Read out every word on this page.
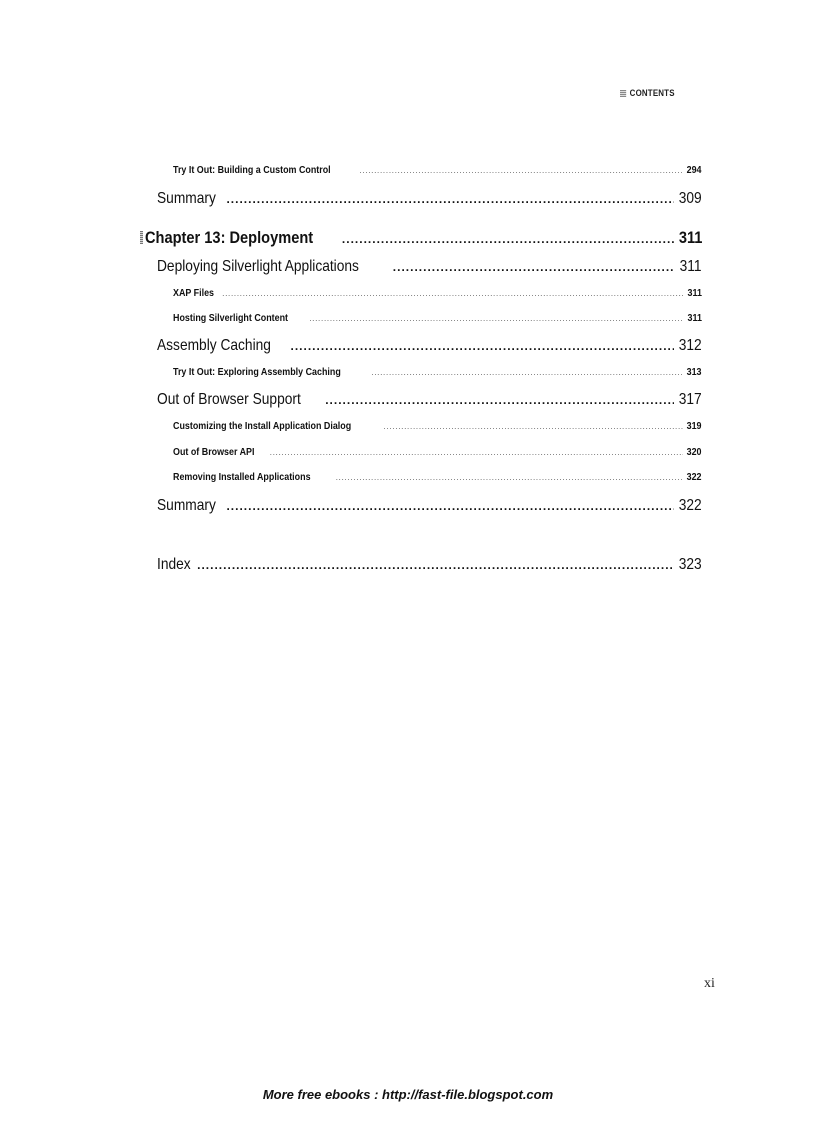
CONTENTS
Try It Out: Building a Custom Control .....	294
Summary .....	309
Chapter 13: Deployment .....	311
Deploying Silverlight Applications .....	311
XAP Files .....	311
Hosting Silverlight Content .....	311
Assembly Caching .....	312
Try It Out: Exploring Assembly Caching .....	313
Out of Browser Support .....	317
Customizing the Install Application Dialog .....	319
Out of Browser API .....	320
Removing Installed Applications .....	322
Summary .....	322
Index .....	323
xi
More free ebooks : http://fast-file.blogspot.com
